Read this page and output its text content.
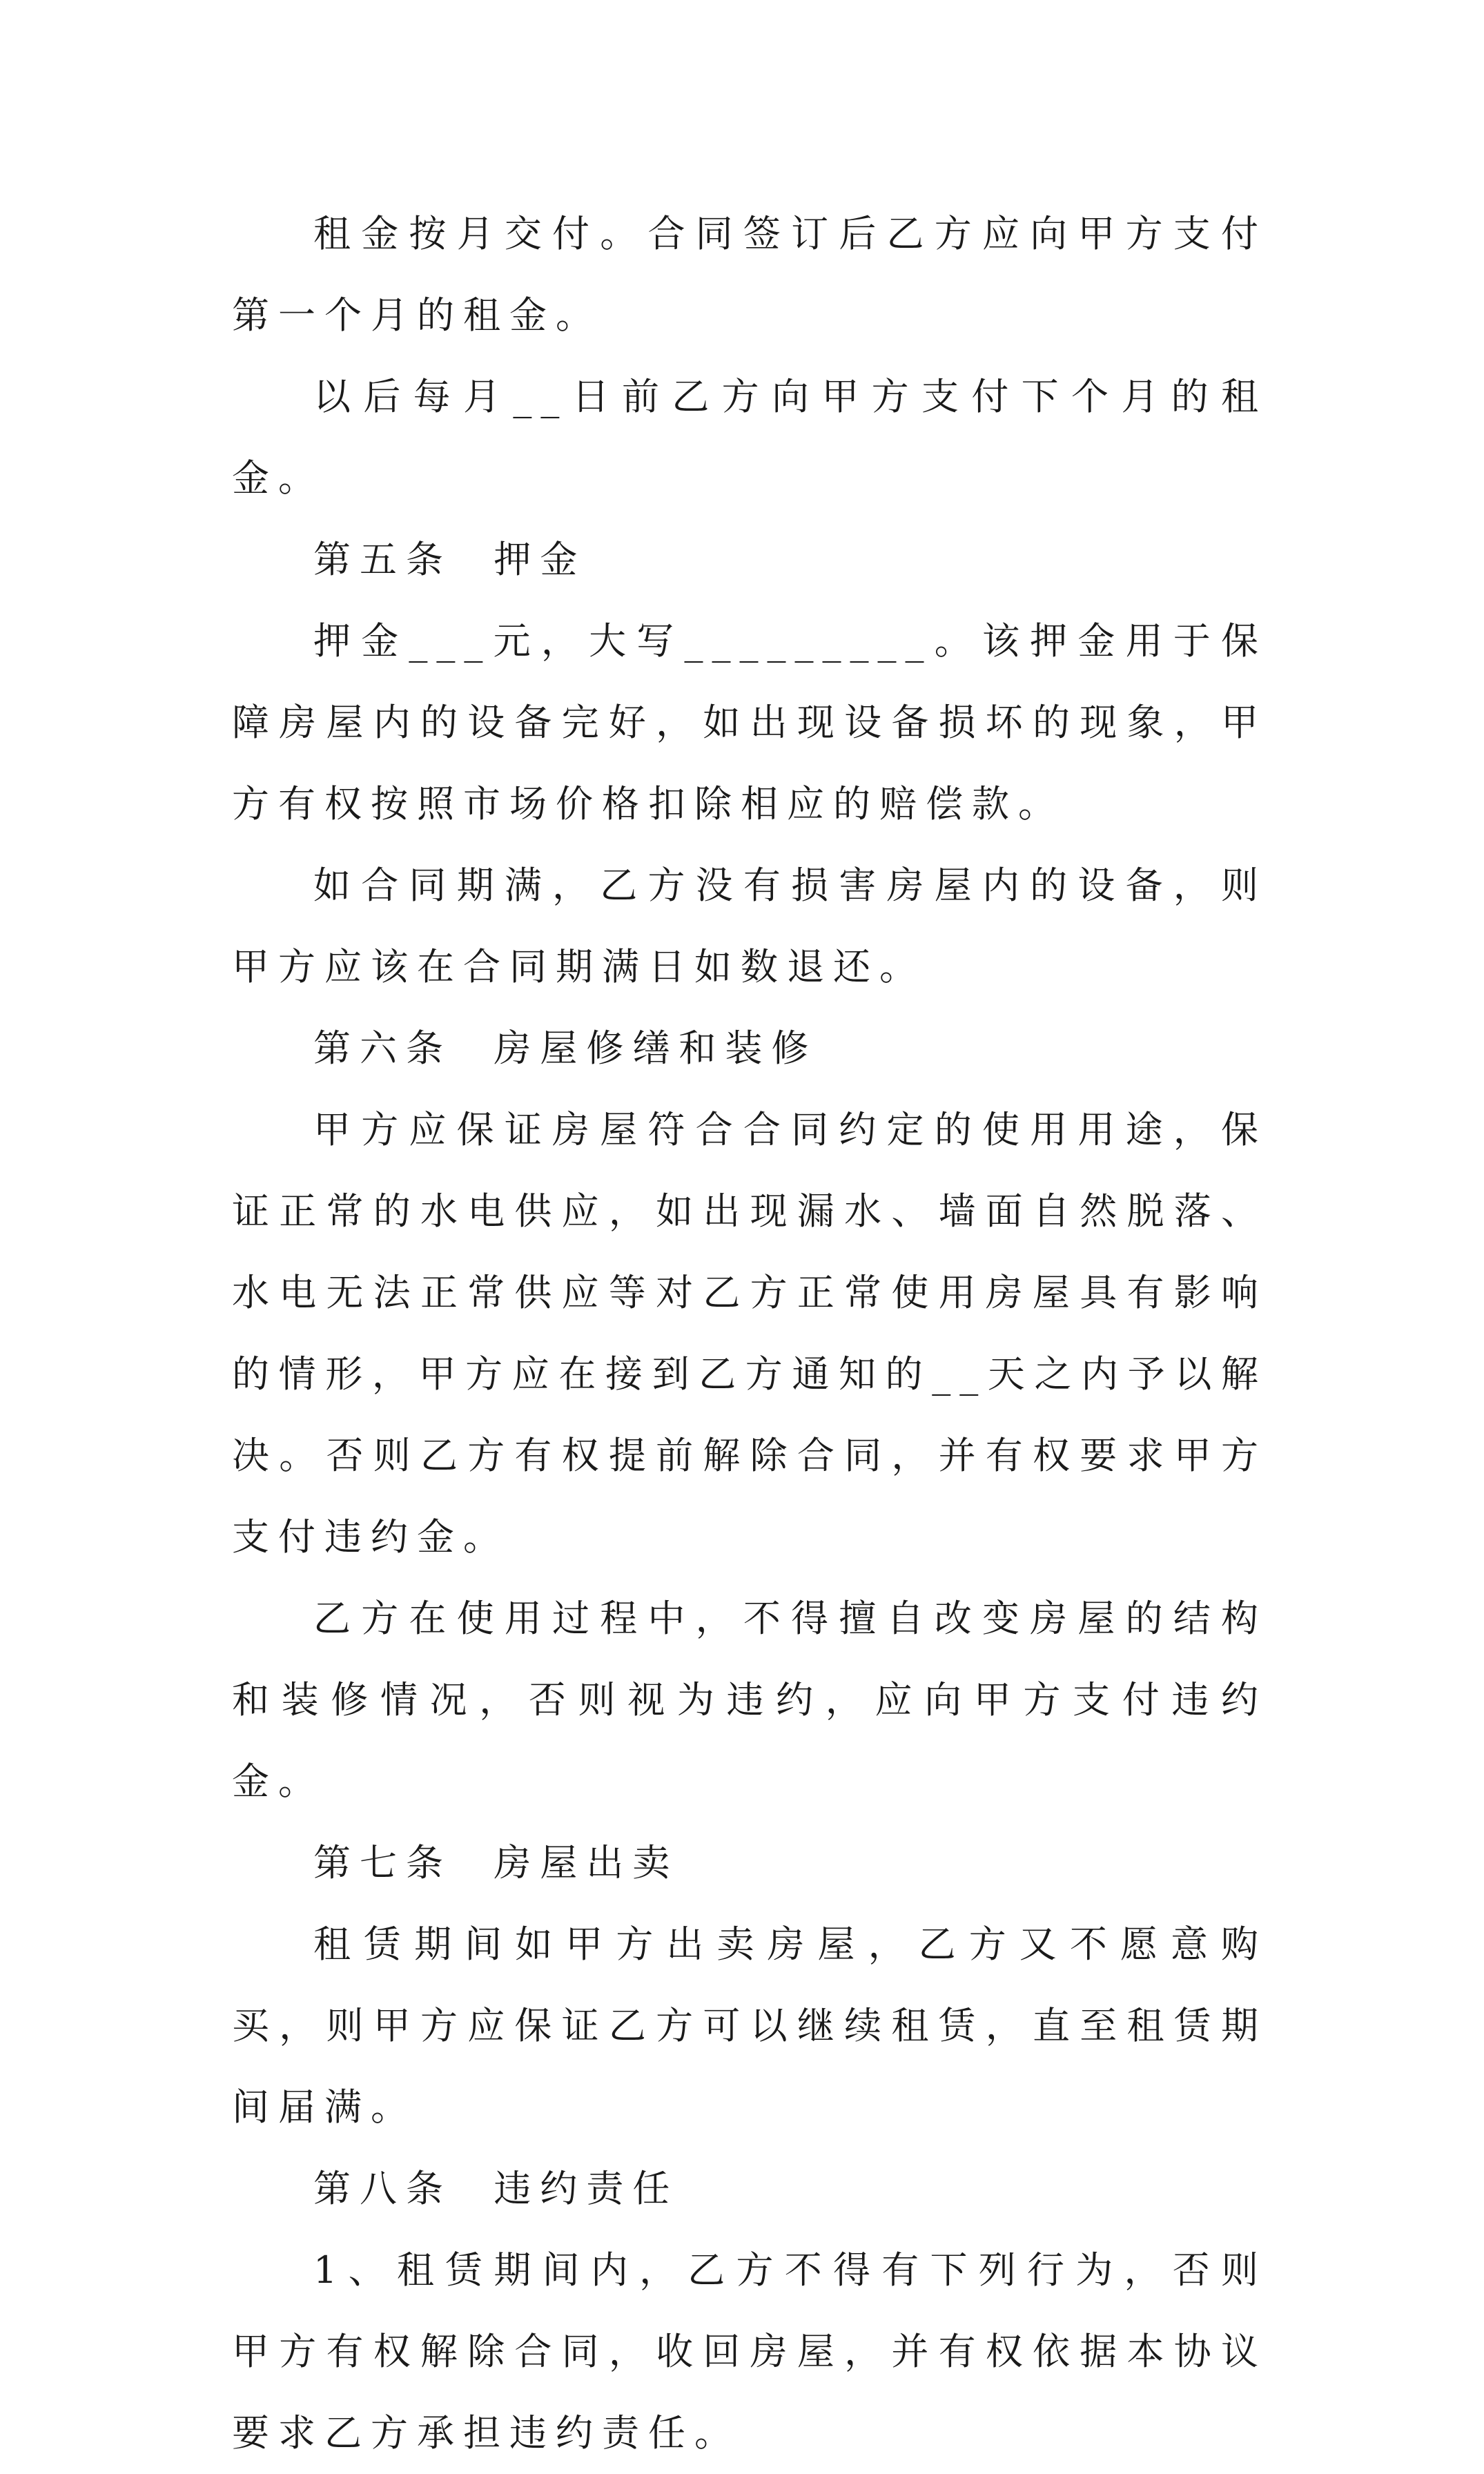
租金按月交付。合同签订后乙方应向甲方支付第一个月的租金。

以后每月__日前乙方向甲方支付下个月的租金。

第五条  押金

押金___元，大写_________。该押金用于保障房屋内的设备完好，如出现设备损坏的现象，甲方有权按照市场价格扣除相应的赔偿款。

如合同期满，乙方没有损害房屋内的设备，则甲方应该在合同期满日如数退还。

第六条  房屋修缮和装修

甲方应保证房屋符合合同约定的使用用途，保证正常的水电供应，如出现漏水、墙面自然脱落、水电无法正常供应等对乙方正常使用房屋具有影响的情形，甲方应在接到乙方通知的__天之内予以解决。否则乙方有权提前解除合同，并有权要求甲方支付违约金。

乙方在使用过程中，不得擅自改变房屋的结构和装修情况，否则视为违约，应向甲方支付违约金。

第七条  房屋出卖

租赁期间如甲方出卖房屋，乙方又不愿意购买，则甲方应保证乙方可以继续租赁，直至租赁期间届满。

第八条  违约责任

1、租赁期间内，乙方不得有下列行为，否则甲方有权解除合同，收回房屋，并有权依据本协议要求乙方承担违约责任。
